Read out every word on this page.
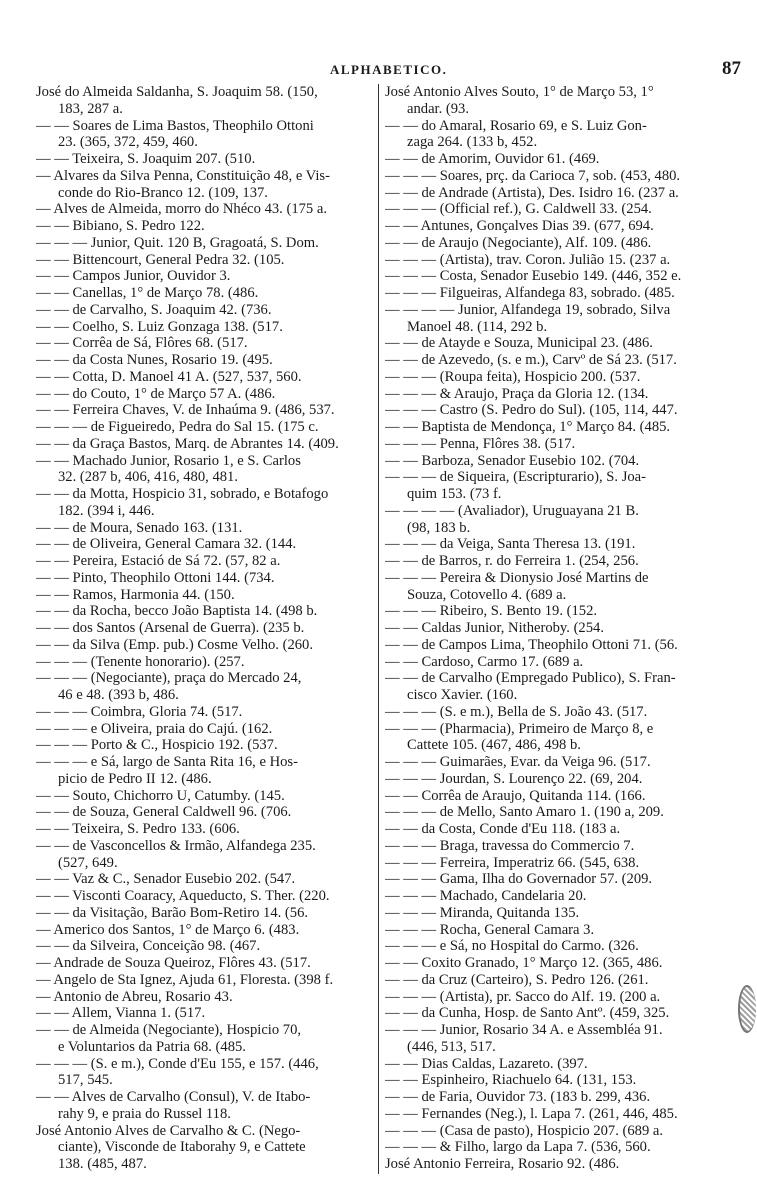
ALPHABETICO.	87
José do Almeida Saldanha, S. Joaquim 58. (150,
183, 287 a.
— — Soares de Lima Bastos, Theophilo Ottoni
23. (365, 372, 459, 460.
— — Teixeira, S. Joaquim 207. (510.
— Alvares da Silva Penna, Constituição 48, e Vis-
conde do Rio-Branco 12. (109, 137.
— Alves de Almeida, morro do Nhéco 43. (175 a.
— — Bibiano, S. Pedro 122.
— — — Junior, Quit. 120 B, Gragoatá, S. Dom.
— — Bittencourt, General Pedra 32. (105.
— — Campos Junior, Ouvidor 3.
— — Canellas, 1° de Março 78. (486.
— — de Carvalho, S. Joaquim 42. (736.
— — Coelho, S. Luiz Gonzaga 138. (517.
— — Corrêa de Sá, Flôres 68. (517.
— — da Costa Nunes, Rosario 19. (495.
— — Cotta, D. Manoel 41 A. (527, 537, 560.
— — do Couto, 1° de Março 57 A. (486.
— — Ferreira Chaves, V. de Inhaúma 9. (486, 537.
— — — de Figueiredo, Pedra do Sal 15. (175 c.
— — da Graça Bastos, Marq. de Abrantes 14. (409.
— — Machado Junior, Rosario 1, e S. Carlos
32. (287 b, 406, 416, 480, 481.
— — da Motta, Hospicio 31, sobrado, e Botafogo
182. (394 i, 446.
— — de Moura, Senado 163. (131.
— — de Oliveira, General Camara 32. (144.
— — Pereira, Estació de Sá 72. (57, 82 a.
— — Pinto, Theophilo Ottoni 144. (734.
— — Ramos, Harmonia 44. (150.
— — da Rocha, becco João Baptista 14. (498 b.
— — dos Santos (Arsenal de Guerra). (235 b.
— — da Silva (Emp. pub.) Cosme Velho. (260.
— — — (Tenente honorario). (257.
— — — (Negociante), praça do Mercado 24,
46 e 48. (393 b, 486.
— — — Coimbra, Gloria 74. (517.
— — — e Oliveira, praia do Cajú. (162.
— — — Porto & C., Hospicio 192. (537.
— — — e Sá, largo de Santa Rita 16, e Hos-
picio de Pedro II 12. (486.
— — Souto, Chichorro U, Catumby. (145.
— — de Souza, General Caldwell 96. (706.
— — Teixeira, S. Pedro 133. (606.
— — de Vasconcellos & Irmão, Alfandega 235.
(527, 649.
— — Vaz & C., Senador Eusebio 202. (547.
— — Visconti Coaracy, Aqueducto, S. Ther. (220.
— — da Visitação, Barão Bom-Retiro 14. (56.
— Americo dos Santos, 1° de Março 6. (483.
— — da Silveira, Conceição 98. (467.
— Andrade de Souza Queiroz, Flôres 43. (517.
— Angelo de Sta Ignez, Ajuda 61, Floresta. (398 f.
— Antonio de Abreu, Rosario 43.
— — Allem, Vianna 1. (517.
— — de Almeida (Negociante), Hospicio 70,
e Voluntarios da Patria 68. (485.
— — — (S. e m.), Conde d'Eu 155, e 157. (446,
517, 545.
— — Alves de Carvalho (Consul), V. de Itabo-
rahy 9, e praia do Russel 118.
José Antonio Alves de Carvalho & C. (Nego-
ciante), Visconde de Itaborahy 9, e Cattete
138. (485, 487.
José Antonio Alves Souto, 1° de Março 53, 1°
andar. (93.
— — do Amaral, Rosario 69, e S. Luiz Gon-
zaga 264. (133 b, 452.
— — de Amorim, Ouvidor 61. (469.
— — — Soares, prç. da Carioca 7, sob. (453, 480.
— — de Andrade (Artista), Des. Isidro 16. (237 a.
— — — (Official ref.), G. Caldwell 33. (254.
— — Antunes, Gonçalves Dias 39. (677, 694.
— — de Araujo (Negociante), Alf. 109. (486.
— — — (Artista), trav. Coron. Julião 15. (237 a.
— — — Costa, Senador Eusebio 149. (446, 352 e.
— — — Filgueiras, Alfandega 83, sobrado. (485.
— — — — Junior, Alfandega 19, sobrado, Silva
Manoel 48. (114, 292 b.
— — de Atayde e Souza, Municipal 23. (486.
— — de Azevedo, (s. e m.), Carvº de Sá 23. (517.
— — — (Roupa feita), Hospicio 200. (537.
— — — & Araujo, Praça da Gloria 12. (134.
— — — Castro (S. Pedro do Sul). (105, 114, 447.
— — Baptista de Mendonça, 1° Março 84. (485.
— — — Penna, Flôres 38. (517.
— — Barboza, Senador Eusebio 102. (704.
— — — de Siqueira, (Escripturario), S. Joa-
quim 153. (73 f.
— — — — (Avaliador), Uruguayana 21 B.
(98, 183 b.
— — — da Veiga, Santa Theresa 13. (191.
— — de Barros, r. do Ferreira 1. (254, 256.
— — — Pereira & Dionysio José Martins de
Souza, Cotovello 4. (689 a.
— — — Ribeiro, S. Bento 19. (152.
— — Caldas Junior, Nitheroby. (254.
— — de Campos Lima, Theophilo Ottoni 71. (56.
— — Cardoso, Carmo 17. (689 a.
— — de Carvalho (Empregado Publico), S. Fran-
cisco Xavier. (160.
— — — (S. e m.), Bella de S. João 43. (517.
— — — (Pharmacia), Primeiro de Março 8, e
Cattete 105. (467, 486, 498 b.
— — — Guimarães, Evar. da Veiga 96. (517.
— — — Jourdan, S. Lourenço 22. (69, 204.
— — Corrêa de Araujo, Quitanda 114. (166.
— — — de Mello, Santo Amaro 1. (190 a, 209.
— — da Costa, Conde d'Eu 118. (183 a.
— — — Braga, travessa do Commercio 7.
— — — Ferreira, Imperatriz 66. (545, 638.
— — — Gama, Ilha do Governador 57. (209.
— — — Machado, Candelaria 20.
— — — Miranda, Quitanda 135.
— — — Rocha, General Camara 3.
— — — e Sá, no Hospital do Carmo. (326.
— — Coxito Granado, 1° Março 12. (365, 486.
— — da Cruz (Carteiro), S. Pedro 126. (261.
— — — (Artista), pr. Sacco do Alf. 19. (200 a.
— — da Cunha, Hosp. de Santo Antº. (459, 325.
— — — Junior, Rosario 34 A. e Assembléa 91.
(446, 513, 517.
— — Dias Caldas, Lazareto. (397.
— — Espinheiro, Riachuelo 64. (131, 153.
— — de Faria, Ouvidor 73. (183 b. 299, 436.
— — Fernandes (Neg.), l. Lapa 7. (261, 446, 485.
— — — (Casa de pasto), Hospicio 207. (689 a.
— — — & Filho, largo da Lapa 7. (536, 560.
José Antonio Ferreira, Rosario 92. (486.
